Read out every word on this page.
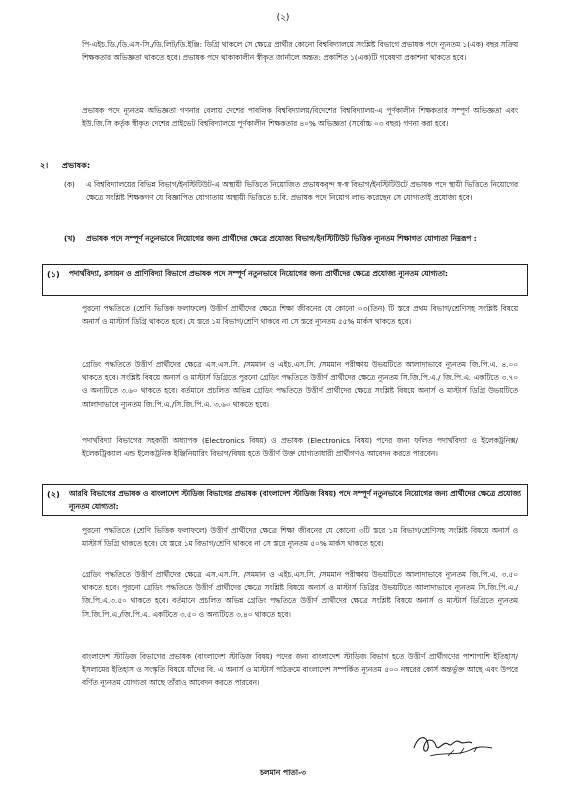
(২)

পি-এইচ.ডি./ডি.এস-সি./ডি.লিট/ডি.ইঞ্জি: ডিগ্রি থাকলে সে ক্ষেত্রে প্রার্থীর কোনো বিশ্ববিদ্যালয়ে সংশ্লিষ্ট বিভাগে প্রভাষক পদে ন্যূনতম ১(এক) বছর সক্রিয় শিক্ষকতার অভিজ্ঞতা থাকতে হবে। প্রভাষক পদে থাকাকালীন স্বীকৃত জার্নালে অন্তত: প্রকাশিত ১(এক)টি গবেষণা প্রকাশনা থাকতে হবে।

প্রভাষক পদে ন্যূনতম অভিজ্ঞতা গণনার বেলায় দেশের পাবলিক বিশ্ববিদ্যালয়/বিদেশের বিশ্ববিদ্যালয়-এ পূর্ণকালীন শিক্ষকতার সম্পূর্ণ অভিজ্ঞতা এবং ইউ.জি.সি কর্তৃক স্বীকৃত দেশের প্রাইভেট বিশ্ববিদ্যালয়ে পূর্ণকালীন শিক্ষকতার ৪০% অভিজ্ঞতা (সর্বোচ্চ ০৩ বছর) গণনা করা হবে।

২। প্রভাষক:
(ক) এ বিশ্ববিদ্যালয়ের বিভিন্ন বিভাগ/ইনস্টিটিউট-এ অস্থায়ী ভিত্তিতে নিয়োজিত প্রভাষকবৃন্দ স্ব-স্ব বিভাগ/ইনস্টিটিউটে প্রভাষক পদে স্থায়ী ভিত্তিতে নিয়োগের ক্ষেত্রে সংশ্লিষ্ট শিক্ষকগণ যে বিজ্ঞাপিত যোগ্যতায় অস্থায়ী ভিত্তিতে চ.বি. প্রভাষক পদে নিয়োগ লাভ করেছেন সে যোগ্যতাই প্রযোজ্য হবে।

(খ) প্রভাষক পদে সম্পূর্ণ নতুনভাবে নিয়োগের জন্য প্রার্থীদের ক্ষেত্রে প্রযোজ্য বিভাগ/ইনস্টিটিউট ভিত্তিক ন্যূনতম শিক্ষাগত যোগ্যতা নিম্নরূপ :

(১) পদার্থবিদ্যা, রসায়ন ও প্রাণিবিদ্যা বিভাগে প্রভাষক পদে সম্পূর্ণ নতুনভাবে নিয়োগের জন্য প্রার্থীদের ক্ষেত্রে প্রযোজ্য ন্যূনতম যোগ্যতা:

পুরনো পদ্ধতিতে (শ্রেণি ভিত্তিক ফলাফলে) উত্তীর্ণ প্রার্থীদের ক্ষেত্রে শিক্ষা জীবনের যে কোনো ০৩(তিন) টি স্তরে প্রথম বিভাগ/শ্রেণিসহ সংশ্লিষ্ট বিষয়ে অনার্স ও মাস্টার্স ডিগ্রি থাকতে হবে। যে স্তরে ১ম বিভাগ/শ্রেণি থাকবে না সে স্তরে ন্যূনতম ৫৫% মার্কস থাকতে হবে।

গ্রেডিং পদ্ধতিতে উত্তীর্ণ প্রার্থীদের ক্ষেত্রে এস.এস.সি. /সমমান ও এইচ.এস.সি. /সমমান পরীক্ষায় উভয়টিতে আলাদাভাবে ন্যূনতম জি.পি.এ. ৪.০০ থাকতে হবে। সংশ্লিষ্ট বিষয়ে অনার্স ও মাস্টার্স ডিগ্রিতে পুরনো গ্রেডিং পদ্ধতিতে উত্তীর্ণ প্রার্থীদের ক্ষেত্রে ন্যূনতম সি.জি.পি.এ./ জি.পি.এ. একটিতে ৩.৭০ ও অন্যটিতে ৩.৬০ থাকতে হবে। বর্তমানে প্রচলিত অভিন্ন গ্রেডিং পদ্ধতিতে উত্তীর্ণ প্রার্থীদের ক্ষেত্রে সংশ্লিষ্ট বিষয়ে অনার্স ও মাস্টার্স ডিগ্রি উভয়টিতে আলাদাভাবে ন্যূনতম জি.পি.এ./সি.জি.পি.এ. ৩.৬০ থাকতে হবে।

পদার্থবিদ্যা বিভাগের সহকারী অধ্যাপক (Electronics বিষয়) ও প্রভাষক (Electronics বিষয়) পদের জন্য ফলিত পদার্থবিদ্যা ও ইলেকট্রনিক্স/ইলেকট্রিক্যাল এন্ড ইলেকট্রনিক ইঞ্জিনিয়ারিং বিভাগ/বিষয় হতে উত্তীর্ণ উক্ত যোগ্যতাধারী প্রার্থীগণও আবেদন করতে পারবেন।

(২) আরবি বিভাগের প্রভাষক ও বাংলাদেশ স্টাডিজ বিভাগের প্রভাষক (বাংলাদেশ স্টাডিজ বিষয়) পদে সম্পূর্ণ নতুনভাবে নিয়োগের জন্য প্রার্থীদের ক্ষেত্রে প্রযোজ্য ন্যূনতম যোগ্যতা:

পুরনো পদ্ধতিতে (শ্রেণি ভিত্তিক ফলাফলে) উত্তীর্ণ প্রার্থীদের ক্ষেত্রে শিক্ষা জীবনের যে কোনো ৩টি স্তরে ১ম বিভাগ/শ্রেণিসহ সংশ্লিষ্ট বিষয়ে অনার্স ও মাস্টার্স ডিগ্রি থাকতে হবে। যে স্তরে ১ম বিভাগ/শ্রেণি থাকবে না সে স্তরে ন্যূনতম ৫০% মার্কস থাকতে হবে।

গ্রেডিং পদ্ধতিতে উত্তীর্ণ প্রার্থীদের ক্ষেত্রে এস.এস.সি. /সমমান ও এইচ.এস.সি. /সমমান পরীক্ষায় উভয়টিতে আলাদাভাবে ন্যূনতম জি.পি.এ. ৩.৫০ থাকতে হবে। পুরনো গ্রেডিং পদ্ধতিতে উত্তীর্ণ প্রার্থীদের ক্ষেত্রে সংশ্লিষ্ট বিষয়ে অনার্স ও মাস্টার্স ডিগ্রির উভয়টিতে আলাদাভাবে ন্যূনতম সি.জি.পি.এ./জি.পি.এ.৩.৫০ থাকতে হবে। বর্তমানে প্রচলিত অভিন্ন গ্রেডিং পদ্ধতিতে উত্তীর্ণ প্রার্থীদের ক্ষেত্রে সংশ্লিষ্ট বিষয়ে অনার্স ও মাস্টার্স ডিগ্রিতে ন্যূনতম সি.জি.পি.এ./জি.পি.এ. একটিতে ৩.৫০ ও অন্যটিতে ৩.৪০ থাকতে হবে।

বাংলাদেশ স্টাডিজ বিভাগের প্রভাষক (বাংলাদেশ স্টাডিজ বিষয়) পদের জন্য বাংলাদেশ স্টাডিজ বিভাগ হতে উত্তীর্ণ প্রার্থীগণের পাশাপাশি ইতিহাস/ইসলামের ইতিহাস ও সংস্কৃতি বিষয়ে যাঁদের বি. এ অনার্স ও মাস্টার্স পাঠক্রমে বাংলাদেশ সম্পর্কিত ন্যূনতম ৫০০ নম্বরের কোর্স অন্তর্ভুক্ত আছে এবং উপরে বর্ণিত ন্যূনতম যোগ্যতা আছে তাঁরাও আবেদন করতে পারবেন।

চলমান পাতা-৩
